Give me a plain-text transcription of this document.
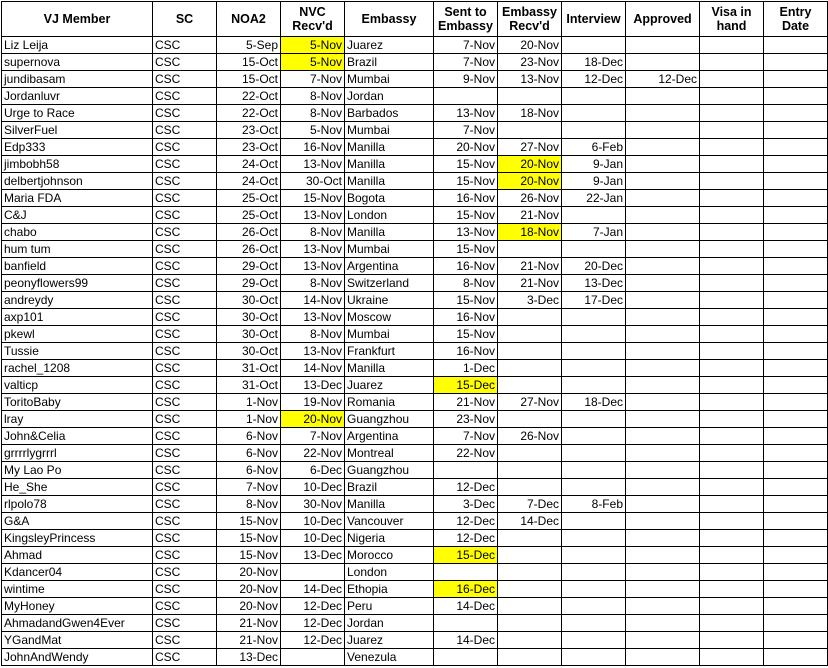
VJ Member	SC	NOA2	NVC Recv'd	Embassy	Sent to Embassy	Embassy Recv'd	Interview	Approved	Visa in hand	Entry Date
Liz Leija	CSC	5-Sep	5-Nov	Juarez	7-Nov	20-Nov				
supernova	CSC	15-Oct	5-Nov	Brazil	7-Nov	23-Nov	18-Dec			
jundibasam	CSC	15-Oct	7-Nov	Mumbai	9-Nov	13-Nov	12-Dec	12-Dec		
Jordanluvr	CSC	22-Oct	8-Nov	Jordan						
Urge to Race	CSC	22-Oct	8-Nov	Barbados	13-Nov	18-Nov				
SilverFuel	CSC	23-Oct	5-Nov	Mumbai	7-Nov					
Edp333	CSC	23-Oct	16-Nov	Manilla	20-Nov	27-Nov	6-Feb			
jimbobh58	CSC	24-Oct	13-Nov	Manilla	15-Nov	20-Nov	9-Jan			
delbertjohnson	CSC	24-Oct	30-Oct	Manilla	15-Nov	20-Nov	9-Jan			
Maria FDA	CSC	25-Oct	15-Nov	Bogota	16-Nov	26-Nov	22-Jan			
C&J	CSC	25-Oct	13-Nov	London	15-Nov	21-Nov				
chabo	CSC	26-Oct	8-Nov	Manilla	13-Nov	18-Nov	7-Jan			
hum tum	CSC	26-Oct	13-Nov	Mumbai	15-Nov					
banfield	CSC	29-Oct	13-Nov	Argentina	16-Nov	21-Nov	20-Dec			
peonyflowers99	CSC	29-Oct	8-Nov	Switzerland	8-Nov	21-Nov	13-Dec			
andreydy	CSC	30-Oct	14-Nov	Ukraine	15-Nov	3-Dec	17-Dec			
axp101	CSC	30-Oct	13-Nov	Moscow	16-Nov					
pkewl	CSC	30-Oct	8-Nov	Mumbai	15-Nov					
Tussie	CSC	30-Oct	13-Nov	Frankfurt	16-Nov					
rachel_1208	CSC	31-Oct	14-Nov	Manilla	1-Dec					
valticp	CSC	31-Oct	13-Dec	Juarez	15-Dec					
ToritoBaby	CSC	1-Nov	19-Nov	Romania	21-Nov	27-Nov	18-Dec			
lray	CSC	1-Nov	20-Nov	Guangzhou	23-Nov					
John&Celia	CSC	6-Nov	7-Nov	Argentina	7-Nov	26-Nov				
grrrrlygrrrl	CSC	6-Nov	22-Nov	Montreal	22-Nov					
My Lao Po	CSC	6-Nov	6-Dec	Guangzhou						
He_She	CSC	7-Nov	10-Dec	Brazil	12-Dec					
rlpolo78	CSC	8-Nov	30-Nov	Manilla	3-Dec	7-Dec	8-Feb			
G&A	CSC	15-Nov	10-Dec	Vancouver	12-Dec	14-Dec				
KingsleyPrincess	CSC	15-Nov	10-Dec	Nigeria	12-Dec					
Ahmad	CSC	15-Nov	13-Dec	Morocco	15-Dec					
Kdancer04	CSC	20-Nov		London						
wintime	CSC	20-Nov	14-Dec	Ethopia	16-Dec					
MyHoney	CSC	20-Nov	12-Dec	Peru	14-Dec					
AhmadandGwen4Ever	CSC	21-Nov	12-Dec	Jordan						
YGandMat	CSC	21-Nov	12-Dec	Juarez	14-Dec					
JohnAndWendy	CSC	13-Dec		Venezula						
